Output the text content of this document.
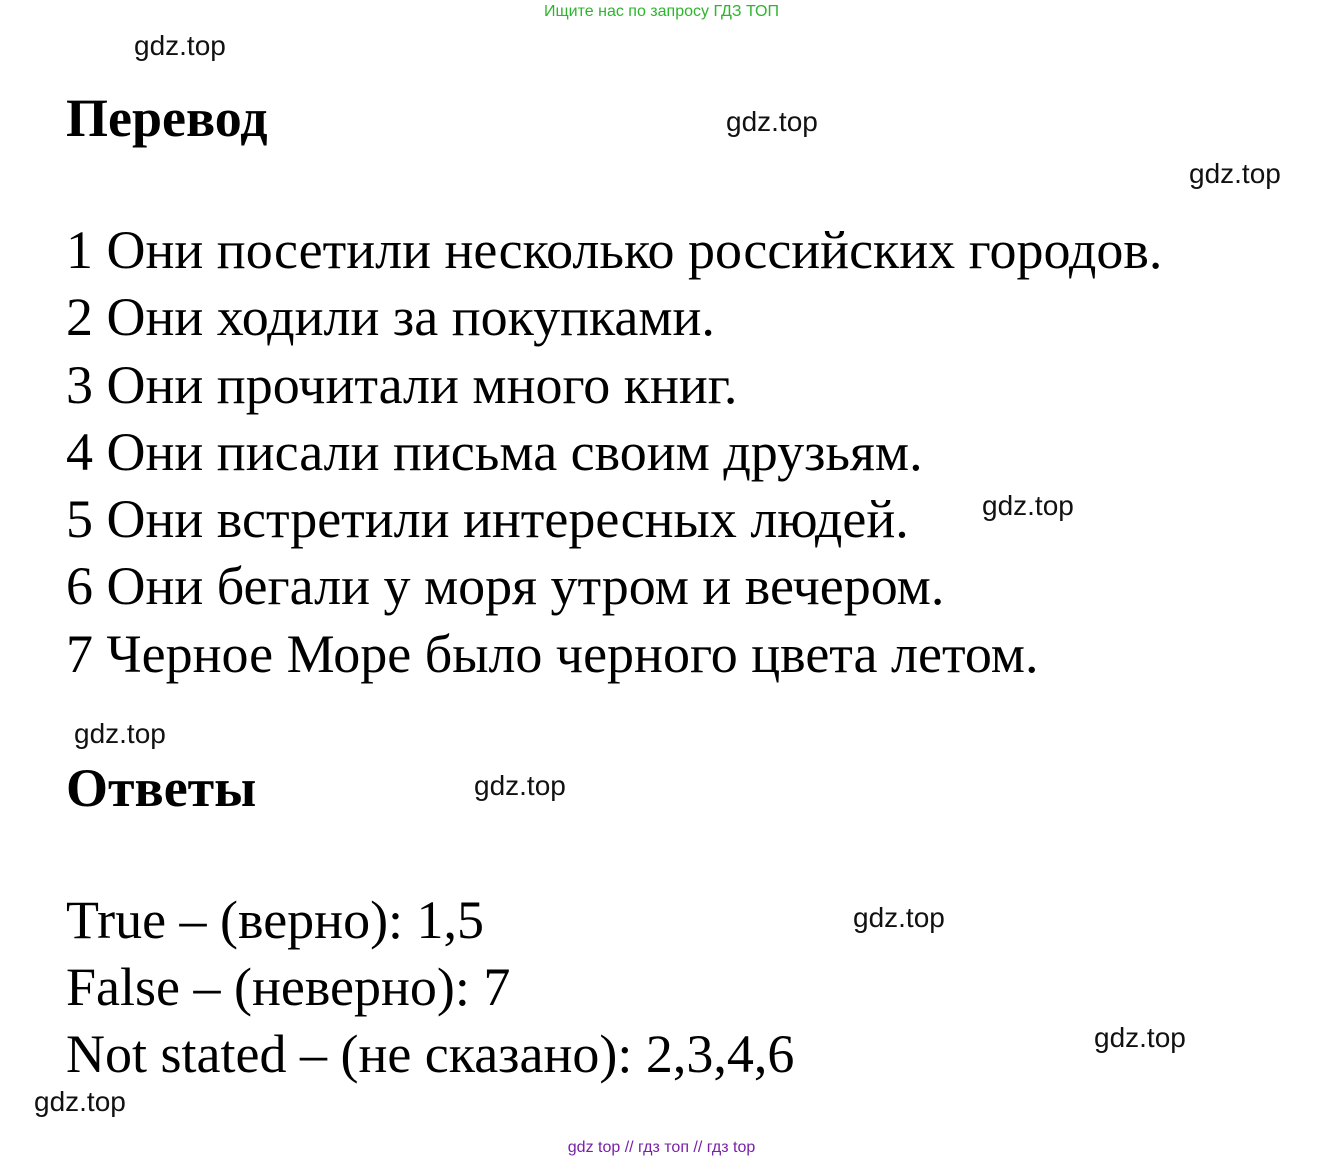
Ищите нас по запросу ГДЗ ТОП
gdz.top
gdz.top
gdz.top
gdz.top
gdz.top
gdz.top
gdz.top
gdz.top
gdz.top
Перевод
1 Они посетили несколько российских городов.
2 Они ходили за покупками.
3 Они прочитали много книг.
4 Они писали письма своим друзьям.
5 Они встретили интересных людей.
6 Они бегали у моря утром и вечером.
7 Черное Море было черного цвета летом.
Ответы
True – (верно): 1,5
False – (неверно): 7
Not stated – (не сказано): 2,3,4,6
gdz top // гдз топ // гдз top
